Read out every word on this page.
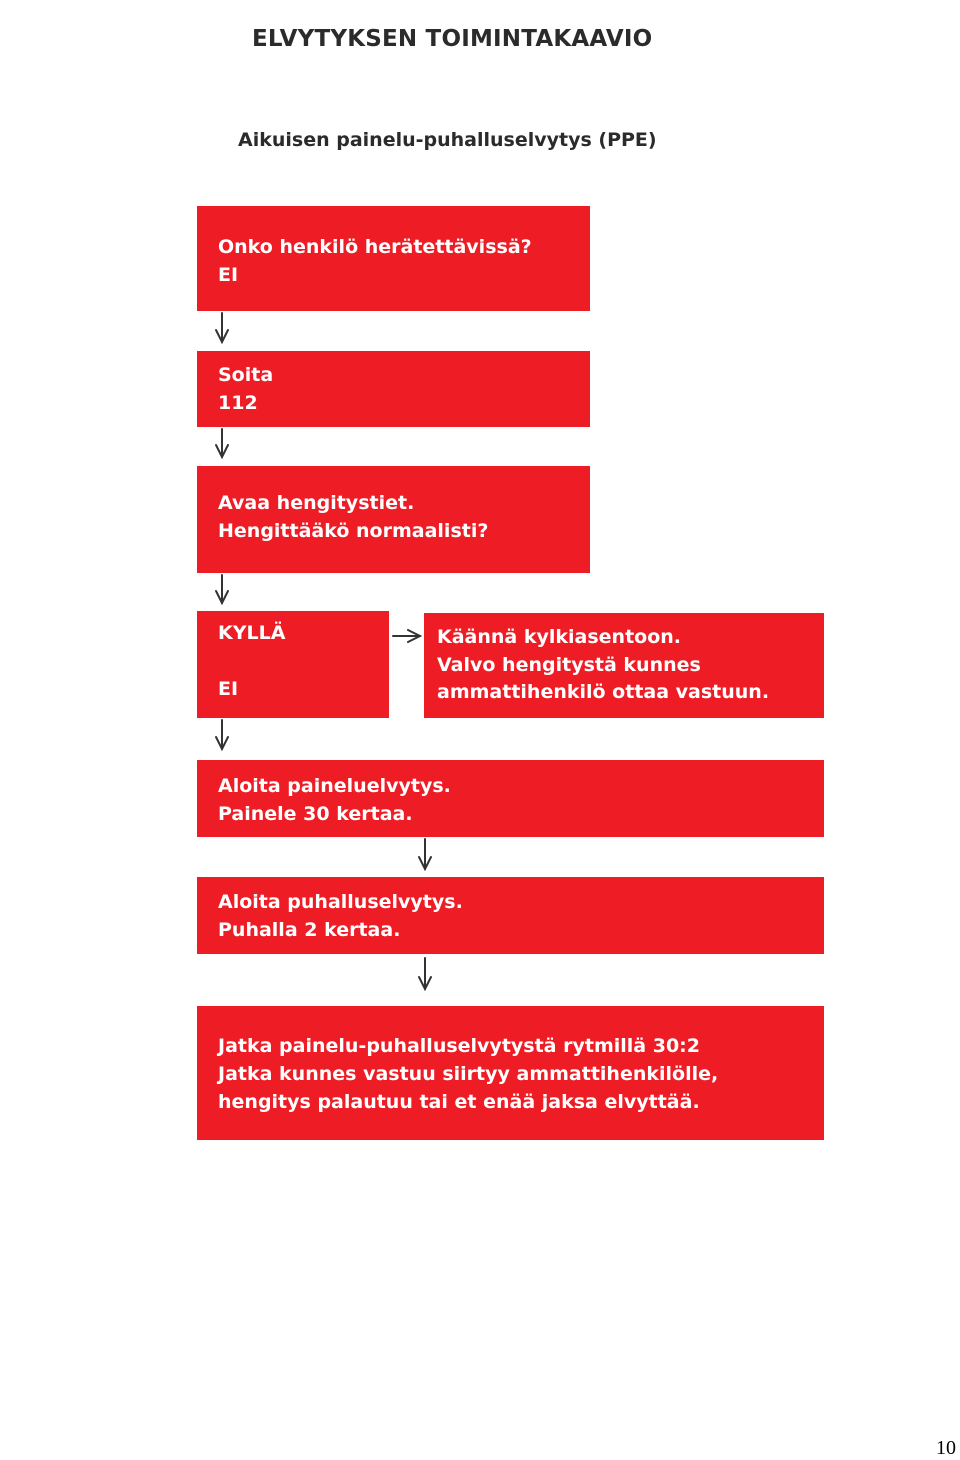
ELVYTYKSEN TOIMINTAKAAVIO
Aikuisen painelu-puhalluselvytys (PPE)
Onko henkilö herätettävissä?
EI
Soita
112
Avaa hengitystiet.
Hengittääkö normaalisti?
KYLLÄ
EI
Käännä kylkiasentoon.
Valvo hengitystä kunnes
ammattihenkilö ottaa vastuun.
Aloita paineluelvytys.
Painele 30 kertaa.
Aloita puhalluselvytys.
Puhalla 2 kertaa.
Jatka painelu-puhalluselvytystä rytmillä 30:2
Jatka kunnes vastuu siirtyy ammattihenkilölle,
hengitys palautuu tai et enää jaksa elvyttää.
10
